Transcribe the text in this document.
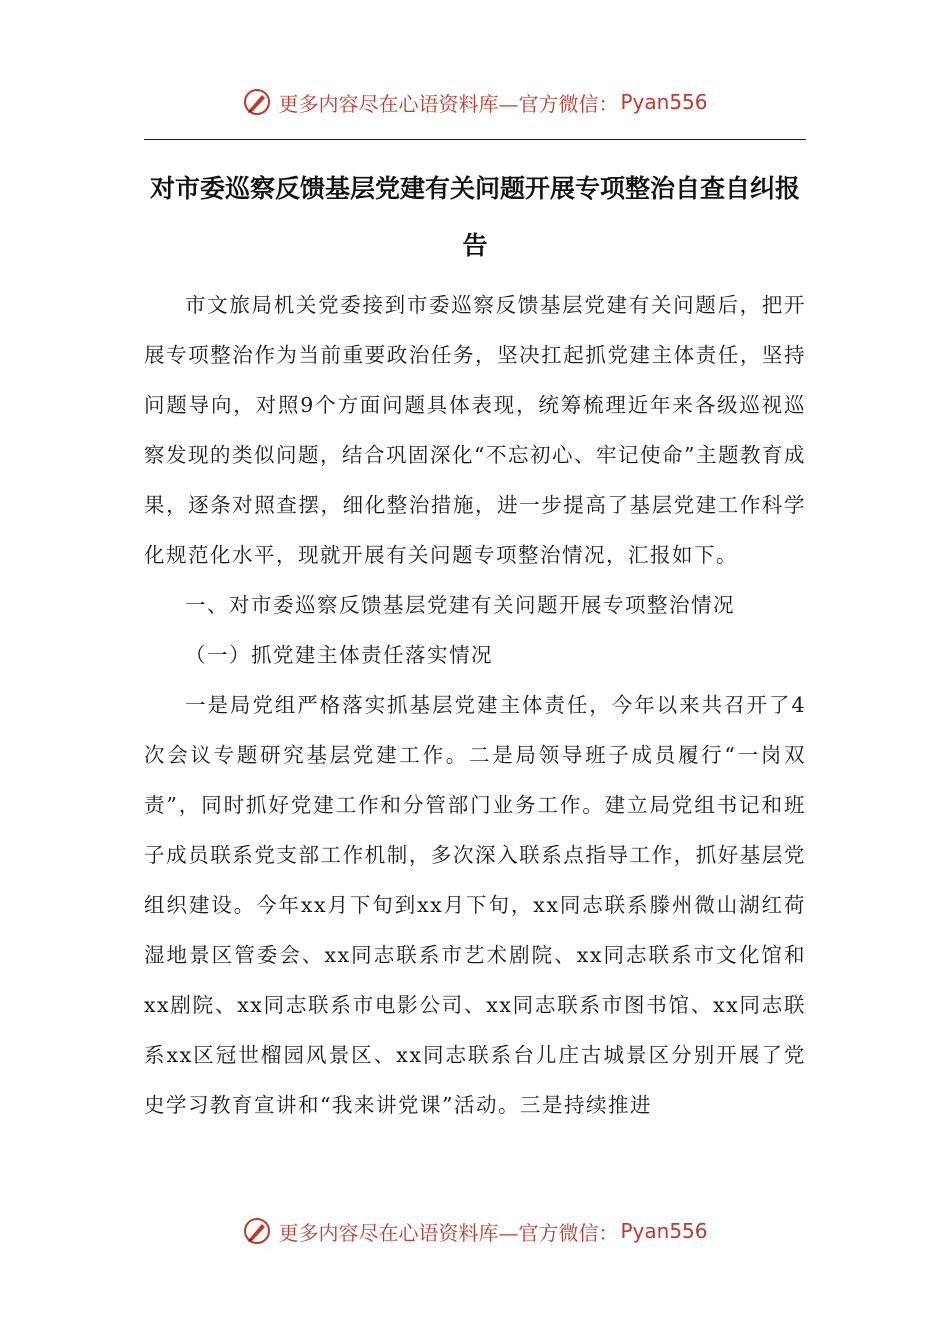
更多内容尽在心语资料库—官方微信： Pyan556
对市委巡察反馈基层党建有关问题开展专项整治自查自纠报告

市文旅局机关党委接到市委巡察反馈基层党建有关问题后，把开展专项整治作为当前重要政治任务，坚决扛起抓党建主体责任，坚持问题导向，对照9个方面问题具体表现，统筹梳理近年来各级巡视巡察发现的类似问题，结合巩固深化“不忘初心、牢记使命”主题教育成果，逐条对照查摆，细化整治措施，进一步提高了基层党建工作科学化规范化水平，现就开展有关问题专项整治情况，汇报如下。

一、对市委巡察反馈基层党建有关问题开展专项整治情况

（一）抓党建主体责任落实情况

一是局党组严格落实抓基层党建主体责任，今年以来共召开了4次会议专题研究基层党建工作。二是局领导班子成员履行“一岗双责”，同时抓好党建工作和分管部门业务工作。建立局党组书记和班子成员联系党支部工作机制，多次深入联系点指导工作，抓好基层党组织建设。今年xx月下旬到xx月下旬，xx同志联系滕州微山湖红荷湿地景区管委会、xx同志联系市艺术剧院、xx同志联系市文化馆和xx剧院、xx同志联系市电影公司、xx同志联系市图书馆、xx同志联系xx区冠世榴园风景区、xx同志联系台儿庄古城景区分别开展了党史学习教育宣讲和“我来讲党课”活动。三是持续推进

更多内容尽在心语资料库—官方微信： Pyan556
